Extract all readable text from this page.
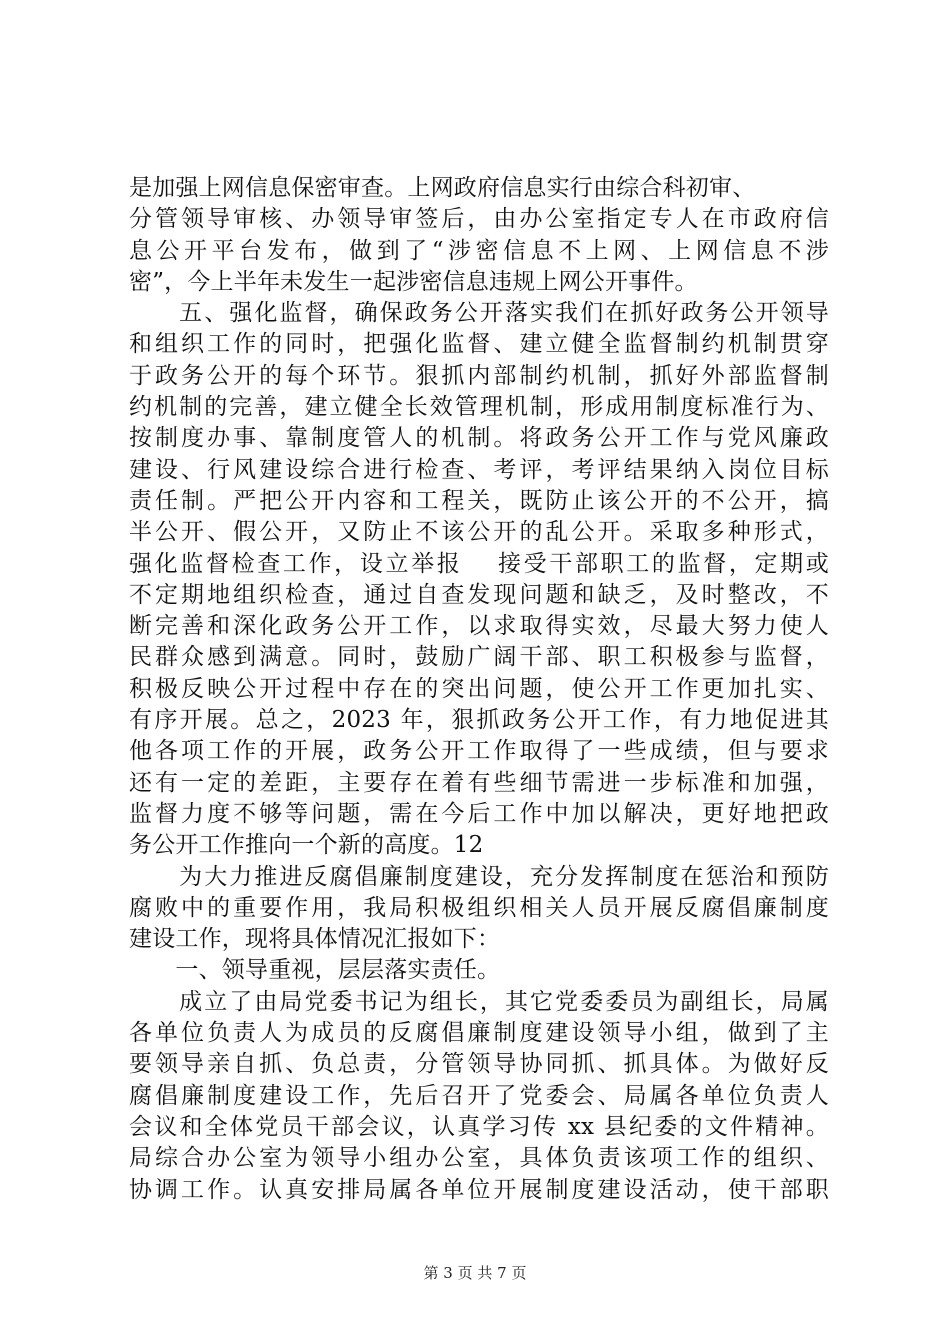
是加强上网信息保密审查。上网政府信息实行由综合科初审、
分管领导审核、办领导审签后，由办公室指定专人在市政府信
息公开平台发布，做到了“涉密信息不上网、上网信息不涉
密”，今上半年未发生一起涉密信息违规上网公开事件。
　　五、强化监督，确保政务公开落实我们在抓好政务公开领导
和组织工作的同时，把强化监督、建立健全监督制约机制贯穿
于政务公开的每个环节。狠抓内部制约机制，抓好外部监督制
约机制的完善，建立健全长效管理机制，形成用制度标准行为、
按制度办事、靠制度管人的机制。将政务公开工作与党风廉政
建设、行风建设综合进行检查、考评，考评结果纳入岗位目标
责任制。严把公开内容和工程关，既防止该公开的不公开，搞
半公开、假公开，又防止不该公开的乱公开。采取多种形式，
强化监督检查工作，设立举报　 接受干部职工的监督，定期或
不定期地组织检查，通过自查发现问题和缺乏，及时整改，不
断完善和深化政务公开工作，以求取得实效，尽最大努力使人
民群众感到满意。同时，鼓励广阔干部、职工积极参与监督，
积极反映公开过程中存在的突出问题，使公开工作更加扎实、
有序开展。总之，2023 年，狠抓政务公开工作，有力地促进其
他各项工作的开展，政务公开工作取得了一些成绩，但与要求
还有一定的差距，主要存在着有些细节需进一步标准和加强，
监督力度不够等问题，需在今后工作中加以解决，更好地把政
务公开工作推向一个新的高度。12
　　为大力推进反腐倡廉制度建设，充分发挥制度在惩治和预防
腐败中的重要作用，我局积极组织相关人员开展反腐倡廉制度
建设工作，现将具体情况汇报如下：
　　一、领导重视，层层落实责任。
　　成立了由局党委书记为组长，其它党委委员为副组长，局属
各单位负责人为成员的反腐倡廉制度建设领导小组，做到了主
要领导亲自抓、负总责，分管领导协同抓、抓具体。为做好反
腐倡廉制度建设工作，先后召开了党委会、局属各单位负责人
会议和全体党员干部会议，认真学习传 xx 县纪委的文件精神。
局综合办公室为领导小组办公室，具体负责该项工作的组织、
协调工作。认真安排局属各单位开展制度建设活动，使干部职
第 3 页 共 7 页
